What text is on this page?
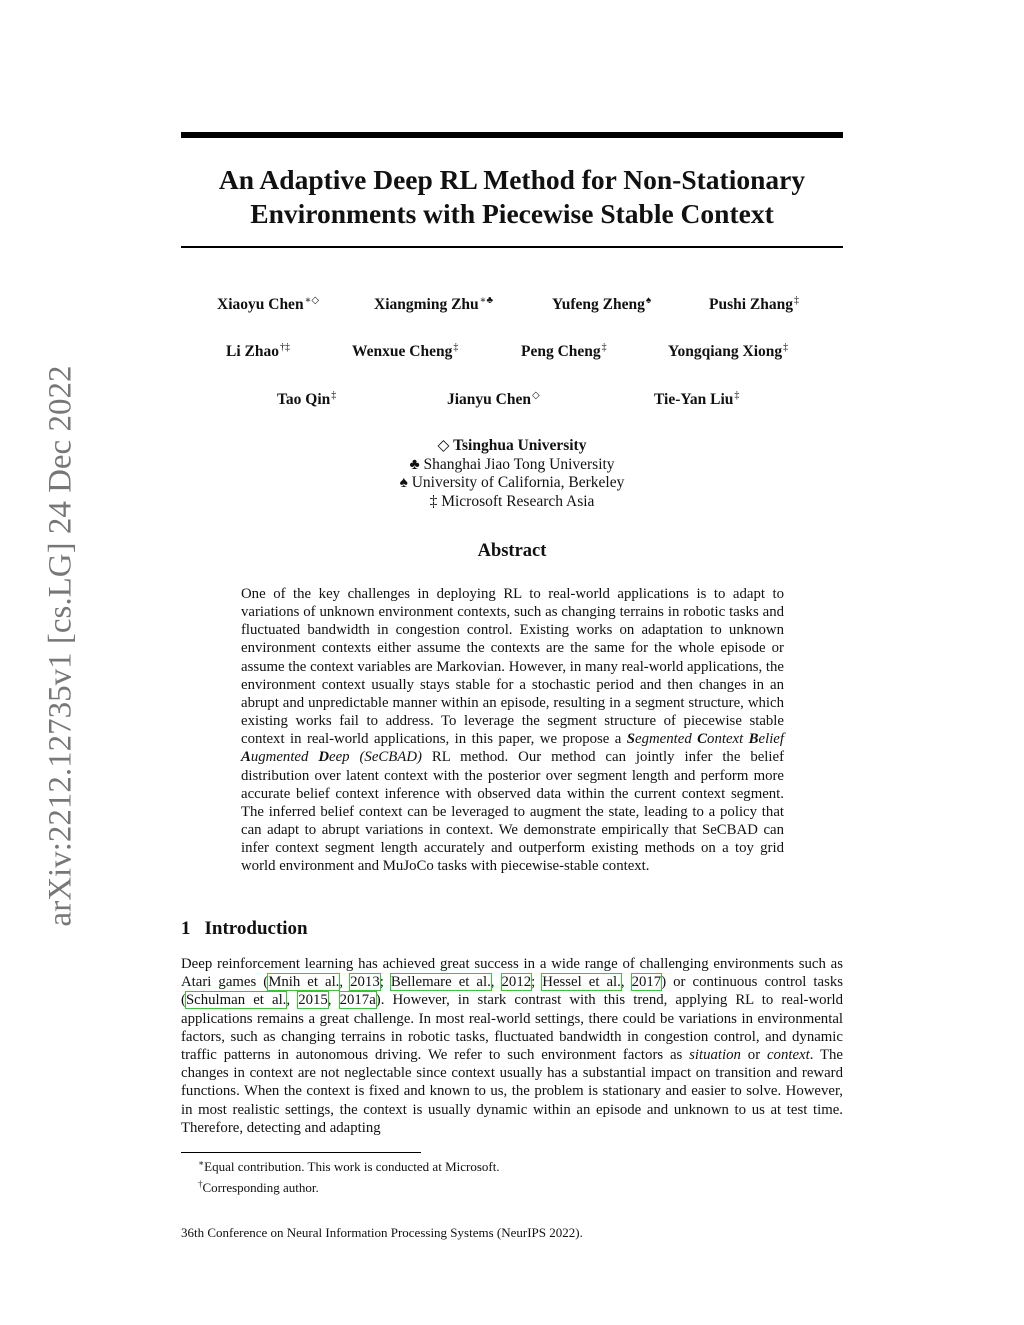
arXiv:2212.12735v1 [cs.LG] 24 Dec 2022
An Adaptive Deep RL Method for Non-Stationary
Environments with Piecewise Stable Context
Xiaoyu Chen∗◇	Xiangming Zhu∗♣	Yufeng Zheng♠	Pushi Zhang‡
Li Zhao†‡	Wenxue Cheng‡	Peng Cheng‡	Yongqiang Xiong‡
Tao Qin‡	Jianyu Chen◇	Tie-Yan Liu‡
◇ Tsinghua University
♣ Shanghai Jiao Tong University
♠ University of California, Berkeley
‡ Microsoft Research Asia
Abstract
One of the key challenges in deploying RL to real-world applications is to adapt to variations of unknown environment contexts, such as changing terrains in robotic tasks and fluctuated bandwidth in congestion control. Existing works on adaptation to unknown environment contexts either assume the contexts are the same for the whole episode or assume the context variables are Markovian. However, in many real-world applications, the environment context usually stays stable for a stochastic period and then changes in an abrupt and unpredictable manner within an episode, resulting in a segment structure, which existing works fail to address. To leverage the segment structure of piecewise stable context in real-world applications, in this paper, we propose a Segmented Context Belief Augmented Deep (SeCBAD) RL method. Our method can jointly infer the belief distribution over latent context with the posterior over segment length and perform more accurate belief context inference with observed data within the current context segment. The inferred belief context can be leveraged to augment the state, leading to a policy that can adapt to abrupt variations in context. We demonstrate empirically that SeCBAD can infer context segment length accurately and outperform existing methods on a toy grid world environment and MuJoCo tasks with piecewise-stable context.
1 Introduction
Deep reinforcement learning has achieved great success in a wide range of challenging environments such as Atari games (Mnih et al., 2013; Bellemare et al., 2012; Hessel et al., 2017) or continuous control tasks (Schulman et al., 2015, 2017a). However, in stark contrast with this trend, applying RL to real-world applications remains a great challenge. In most real-world settings, there could be variations in environmental factors, such as changing terrains in robotic tasks, fluctuated bandwidth in congestion control, and dynamic traffic patterns in autonomous driving. We refer to such environment factors as situation or context. The changes in context are not neglectable since context usually has a substantial impact on transition and reward functions. When the context is fixed and known to us, the problem is stationary and easier to solve. However, in most realistic settings, the context is usually dynamic within an episode and unknown to us at test time. Therefore, detecting and adapting
∗Equal contribution. This work is conducted at Microsoft.
†Corresponding author.
36th Conference on Neural Information Processing Systems (NeurIPS 2022).
